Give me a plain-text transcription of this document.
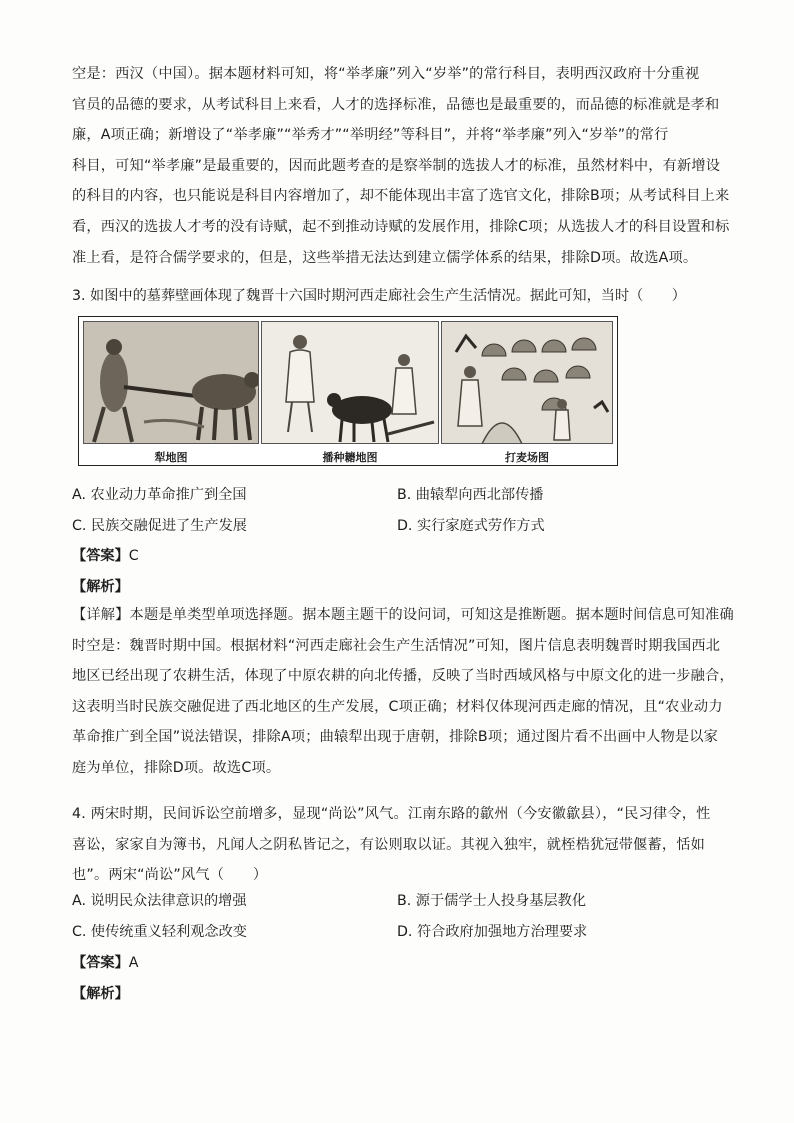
空是：西汉（中国）。据本题材料可知，将“举孝廉”列入“岁举”的常行科目，表明西汉政府十分重视
官员的品德的要求，从考试科目上来看，人才的选择标准，品德也是最重要的，而品德的标准就是孝和
廉，A项正确；新增设了“举孝廉”“举秀才”“举明经”等科目”，并将“举孝廉”列入“岁举”的常行
科目，可知“举孝廉”是最重要的，因而此题考查的是察举制的选拔人才的标准，虽然材料中，有新增设
的科目的内容，也只能说是科目内容增加了，却不能体现出丰富了选官文化，排除B项；从考试科目上来
看，西汉的选拔人才考的没有诗赋，起不到推动诗赋的发展作用，排除C项；从选拔人才的科目设置和标
准上看，是符合儒学要求的，但是，这些举措无法达到建立儒学体系的结果，排除D项。故选A项。
3. 如图中的墓葬壁画体现了魏晋十六国时期河西走廊社会生产生活情况。据此可知，当时（　　）
犁地图	播种耱地图	打麦场图
A. 农业动力革命推广到全国	B. 曲辕犁向西北部传播
C. 民族交融促进了生产发展	D. 实行家庭式劳作方式
【答案】C
【解析】
【详解】本题是单类型单项选择题。据本题主题干的设问词，可知这是推断题。据本题时间信息可知准确
时空是：魏晋时期中国。根据材料“河西走廊社会生产生活情况”可知，图片信息表明魏晋时期我国西北
地区已经出现了农耕生活，体现了中原农耕的向北传播，反映了当时西域风格与中原文化的进一步融合，
这表明当时民族交融促进了西北地区的生产发展，C项正确；材料仅体现河西走廊的情况，且“农业动力
革命推广到全国”说法错误，排除A项；曲辕犁出现于唐朝，排除B项；通过图片看不出画中人物是以家
庭为单位，排除D项。故选C项。
4. 两宋时期，民间诉讼空前增多，显现“尚讼”风气。江南东路的歙州（今安徽歙县），“民习律令，性
喜讼，家家自为簿书，凡闻人之阴私皆记之，有讼则取以证。其视入独牢，就桎梏犹冠带偃蓄，恬如
也”。两宋“尚讼”风气（　　）
A. 说明民众法律意识的增强	B. 源于儒学士人投身基层教化
C. 使传统重义轻利观念改变	D. 符合政府加强地方治理要求
【答案】A
【解析】
